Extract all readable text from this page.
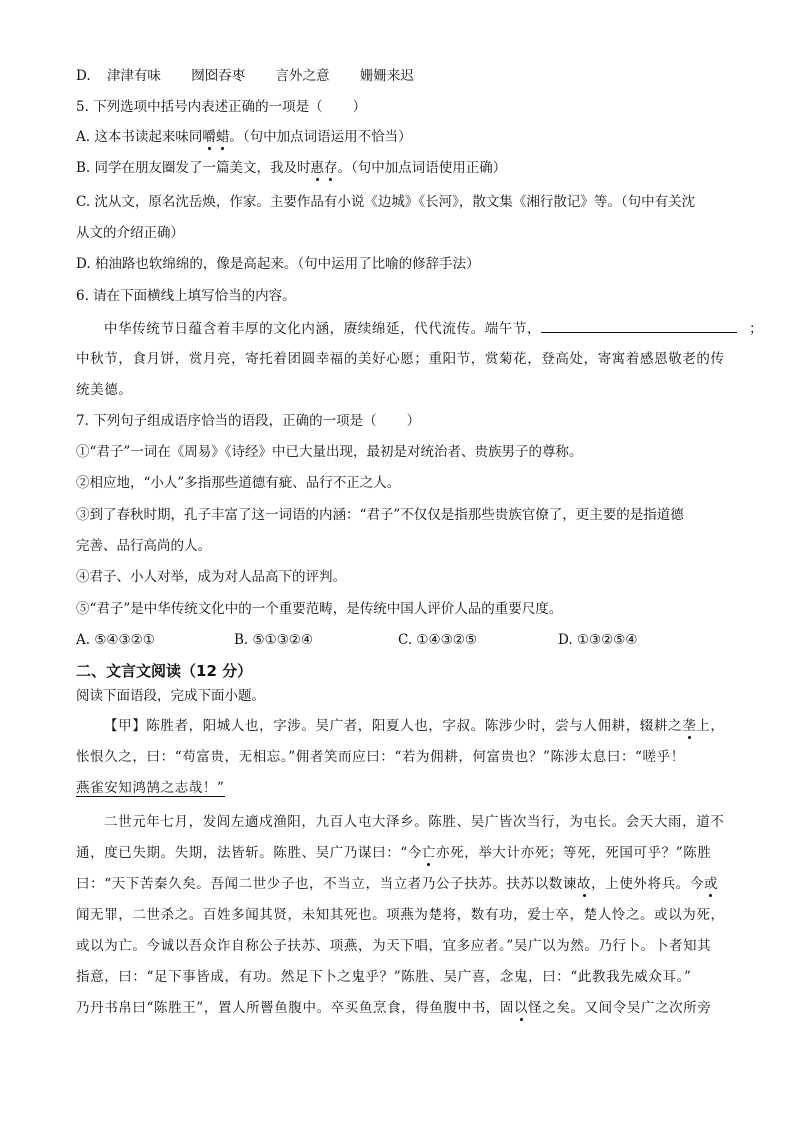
D. 津津有味 囫囵吞枣 言外之意 姗姗来迟
5. 下列选项中括号内表述正确的一项是（ ）
A. 这本书读起来味同嚼蜡。（句中加点词语运用不恰当）
B. 同学在朋友圈发了一篇美文，我及时惠存。（句中加点词语使用正确）
C. 沈从文，原名沈岳焕，作家。主要作品有小说《边城》《长河》，散文集《湘行散记》等。（句中有关沈
从文的介绍正确）
D. 柏油路也软绵绵的，像是高起来。（句中运用了比喻的修辞手法）
6. 请在下面横线上填写恰当的内容。
中华传统节日蕴含着丰厚的文化内涵，赓续绵延，代代流传。端午节，	；
中秋节，食月饼，赏月亮，寄托着团圆幸福的美好心愿；重阳节，赏菊花，登高处，寄寓着感恩敬老的传
统美德。
7. 下列句子组成语序恰当的语段，正确的一项是（ ）
①“君子”一词在《周易》《诗经》中已大量出现，最初是对统治者、贵族男子的尊称。
②相应地，“小人”多指那些道德有疵、品行不正之人。
③到了春秋时期，孔子丰富了这一词语的内涵：“君子”不仅仅是指那些贵族官僚了，更主要的是指道德
完善、品行高尚的人。
④君子、小人对举，成为对人品高下的评判。
⑤“君子”是中华传统文化中的一个重要范畴，是传统中国人评价人品的重要尺度。
A. ⑤④③②①	B. ⑤①③②④	C. ①④③②⑤	D. ①③②⑤④
二、文言文阅读（12 分）
阅读下面语段，完成下面小题。
【甲】陈胜者，阳城人也，字涉。吴广者，阳夏人也，字叔。陈涉少时，尝与人佣耕，辍耕之垄上，
怅恨久之，曰：“苟富贵，无相忘。”佣者笑而应曰：“若为佣耕，何富贵也？”陈涉太息曰：“嗟乎！
燕雀安知鸿鹄之志哉！”
二世元年七月，发闾左適戍渔阳，九百人屯大泽乡。陈胜、吴广皆次当行，为屯长。会天大雨，道不
通，度已失期。失期，法皆斩。陈胜、吴广乃谋曰：“今亡亦死，举大计亦死；等死，死国可乎？”陈胜
曰：“天下苦秦久矣。吾闻二世少子也，不当立，当立者乃公子扶苏。扶苏以数谏故，上使外将兵。今或
闻无罪，二世杀之。百姓多闻其贤，未知其死也。项燕为楚将，数有功，爱士卒，楚人怜之。或以为死，
或以为亡。今诚以吾众诈自称公子扶苏、项燕，为天下唱，宜多应者。”吴广以为然。乃行卜。卜者知其
指意，曰：“足下事皆成，有功。然足下卜之鬼乎？”陈胜、吴广喜，念鬼，曰：“此教我先威众耳。”
乃丹书帛曰“陈胜王”，置人所罾鱼腹中。卒买鱼烹食，得鱼腹中书，固以怪之矣。又间令吴广之次所旁
